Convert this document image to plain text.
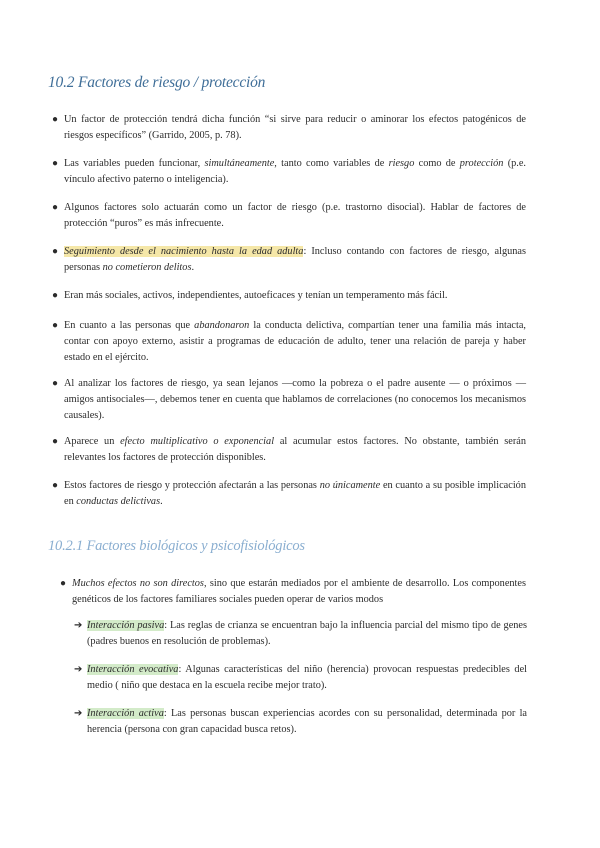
10.2 Factores de riesgo / protección
● Un factor de protección tendrá dicha función “si sirve para reducir o aminorar los efectos patogénicos de riesgos específicos” (Garrido, 2005, p. 78).
● Las variables pueden funcionar, simultáneamente, tanto como variables de riesgo como de protección (p.e. vínculo afectivo paterno o inteligencia).
● Algunos factores solo actuarán como un factor de riesgo (p.e. trastorno disocial). Hablar de factores de protección “puros” es más infrecuente.
● Seguimiento desde el nacimiento hasta la edad adulta: Incluso contando con factores de riesgo, algunas personas no cometieron delitos.
● Eran más sociales, activos, independientes, autoeficaces y tenían un temperamento más fácil.
● En cuanto a las personas que abandonaron la conducta delictiva, compartían tener una familia más intacta, contar con apoyo externo, asistir a programas de educación de adulto, tener una relación de pareja y haber estado en el ejército.
● Al analizar los factores de riesgo, ya sean lejanos —como la pobreza o el padre ausente — o próximos —amigos antisociales—, debemos tener en cuenta que hablamos de correlaciones (no conocemos los mecanismos causales).
● Aparece un efecto multiplicativo o exponencial al acumular estos factores. No obstante, también serán relevantes los factores de protección disponibles.
● Estos factores de riesgo y protección afectarán a las personas no únicamente en cuanto a su posible implicación en conductas delictivas.
10.2.1 Factores biológicos y psicofisiológicos
● Muchos efectos no son directos, sino que estarán mediados por el ambiente de desarrollo. Los componentes genéticos de los factores familiares sociales pueden operar de varios modos
➔ Interacción pasiva: Las reglas de crianza se encuentran bajo la influencia parcial del mismo tipo de genes (padres buenos en resolución de problemas).
➔ Interacción evocativa: Algunas características del niño (herencia) provocan respuestas predecibles del medio ( niño que destaca en la escuela recibe mejor trato).
➔ Interacción activa: Las personas buscan experiencias acordes con su personalidad, determinada por la herencia (persona con gran capacidad busca retos).
